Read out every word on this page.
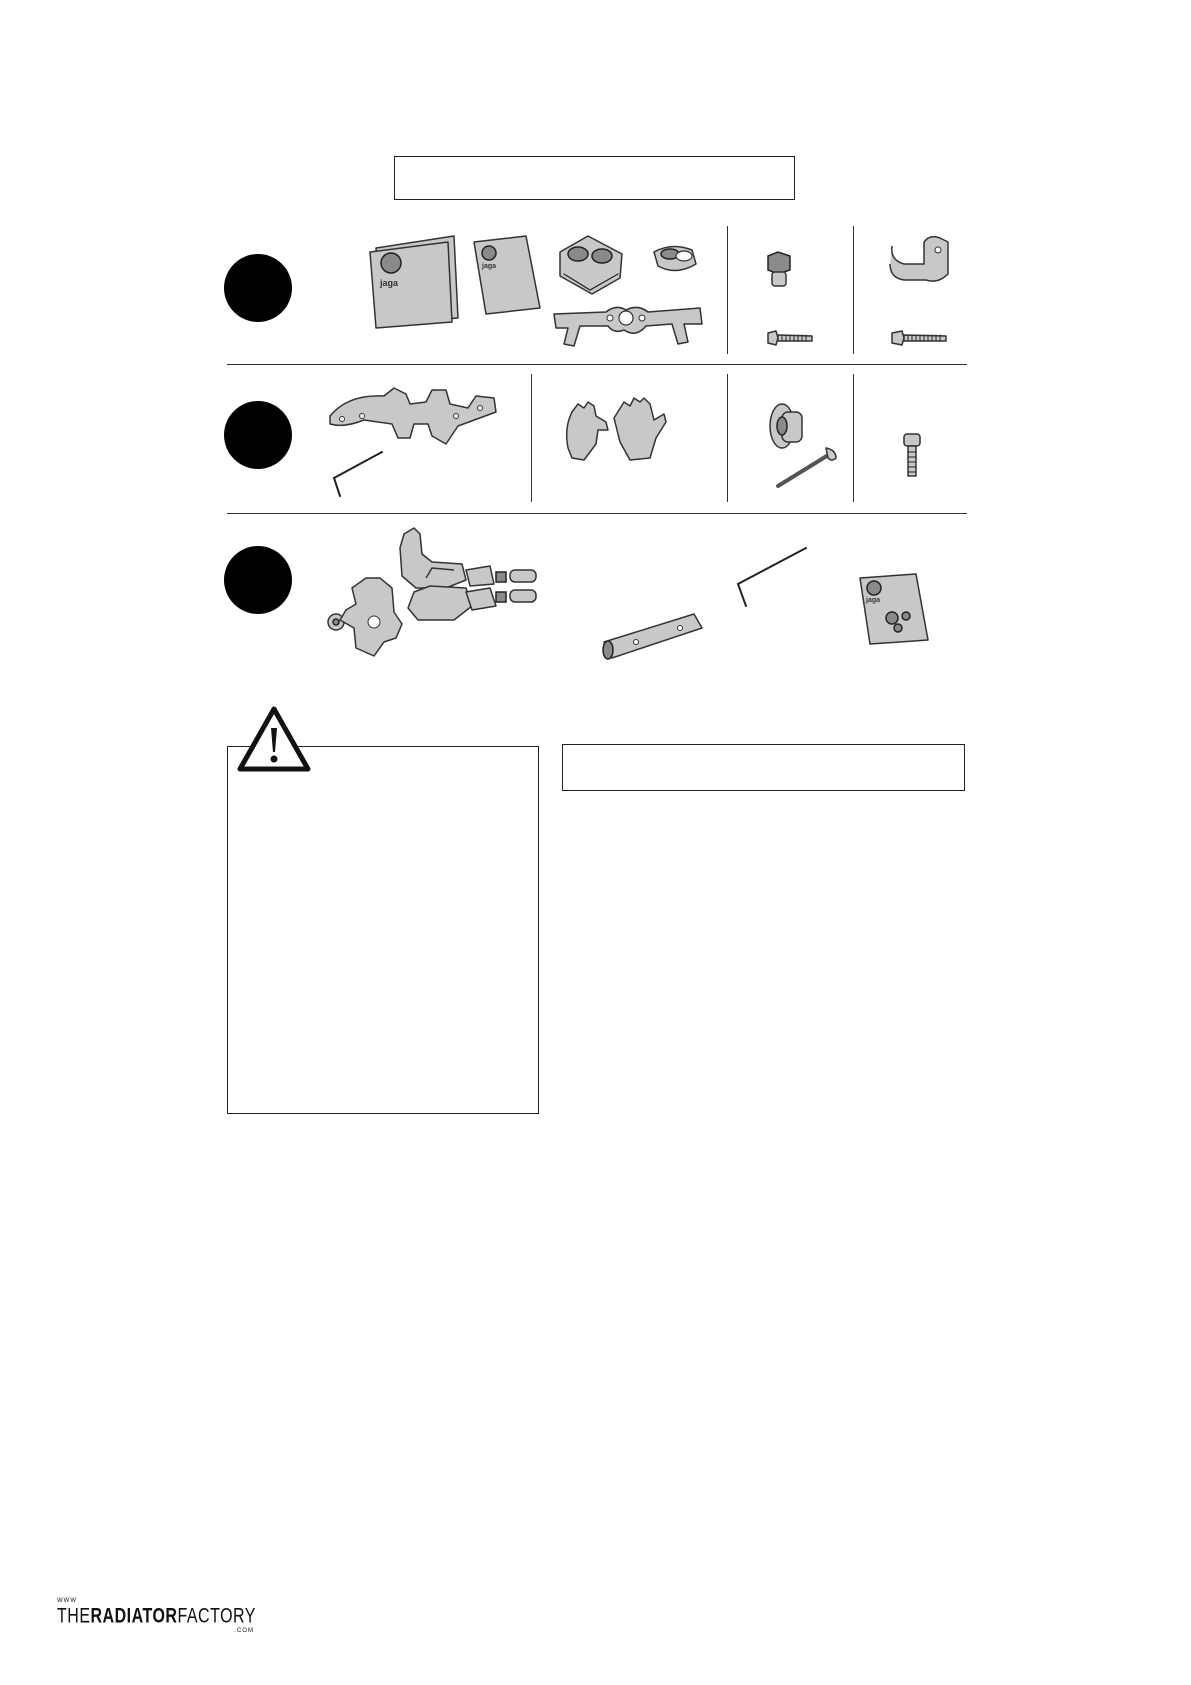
jaga
jaga
jaga
WWW
THERADIATORFACTORY
.COM
